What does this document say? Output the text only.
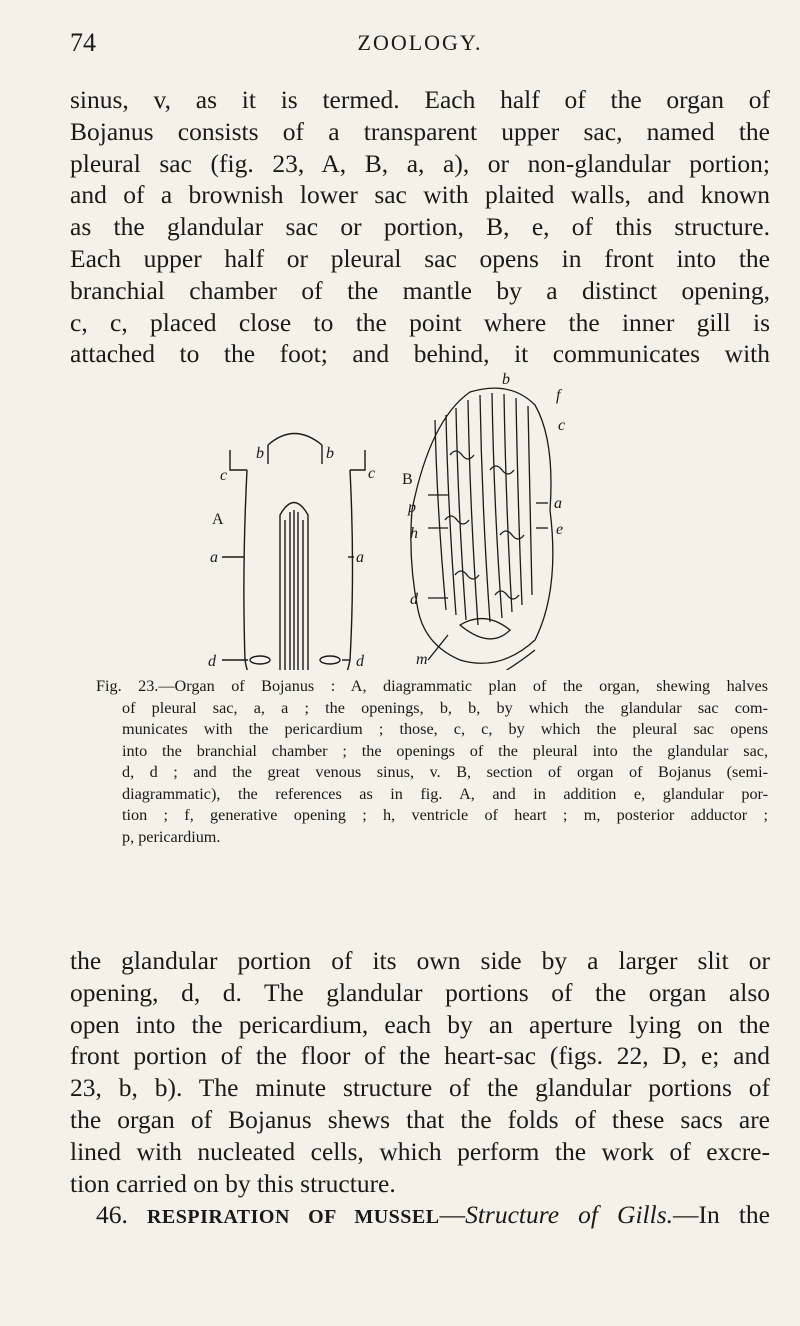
74	ZOOLOGY.
sinus, v, as it is termed. Each half of the organ of
Bojanus consists of a transparent upper sac, named the
pleural sac (fig. 23, A, B, a, a), or non-glandular portion;
and of a brownish lower sac with plaited walls, and known
as the glandular sac or portion, B, e, of this structure.
Each upper half or pleural sac opens in front into the
branchial chamber of the mantle by a distinct opening,
c, c, placed close to the point where the inner gill is
attached to the foot; and behind, it communicates with
A
b	b
c	c
a	a
d	d
B
b
f
c
a
e
p
h
d
m
Fig. 23.—Organ of Bojanus : A, diagrammatic plan of the organ, shewing halves
of pleural sac, a, a ; the openings, b, b, by which the glandular sac com-
municates with the pericardium ; those, c, c, by which the pleural sac opens
into the branchial chamber ; the openings of the pleural into the glandular sac,
d, d ; and the great venous sinus, v. B, section of organ of Bojanus (semi-
diagrammatic), the references as in fig. A, and in addition e, glandular por-
tion ; f, generative opening ; h, ventricle of heart ; m, posterior adductor ;
p, pericardium.
the glandular portion of its own side by a larger slit or
opening, d, d. The glandular portions of the organ also
open into the pericardium, each by an aperture lying on the
front portion of the floor of the heart-sac (figs. 22, D, e; and
23, b, b). The minute structure of the glandular portions of
the organ of Bojanus shews that the folds of these sacs are
lined with nucleated cells, which perform the work of excre-
tion carried on by this structure.
46. RESPIRATION OF MUSSEL—Structure of Gills.—In the
